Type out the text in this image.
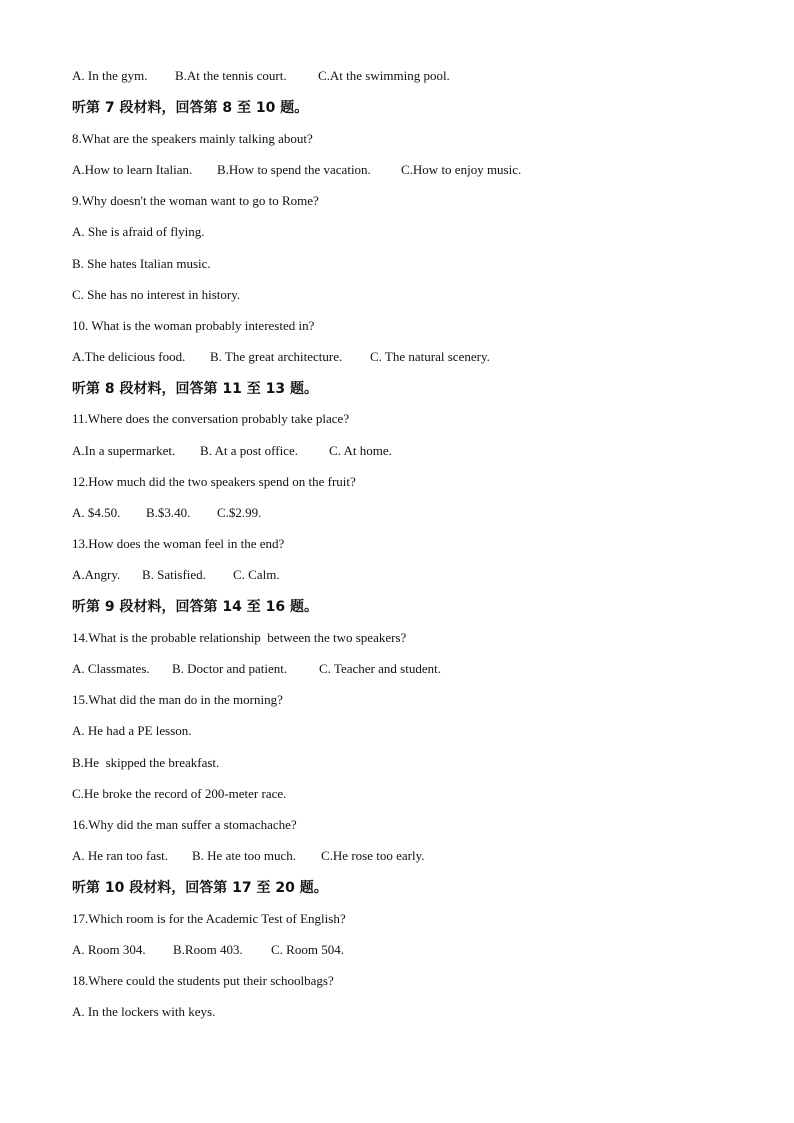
A. In the gym. B.At the tennis court. C.At the swimming pool.
听第 7 段材料，回答第 8 至 10 题。
8.What are the speakers mainly talking about?
A.How to learn Italian. B.How to spend the vacation. C.How to enjoy music.
9.Why doesn't the woman want to go to Rome?
A. She is afraid of flying.
B. She hates Italian music.
C. She has no interest in history.
10. What is the woman probably interested in?
A.The delicious food. B. The great architecture. C. The natural scenery.
听第 8 段材料，回答第 11 至 13 题。
11.Where does the conversation probably take place?
A.In a supermarket. B. At a post office. C. At home.
12.How much did the two speakers spend on the fruit?
A. $4.50. B.$3.40. C.$2.99.
13.How does the woman feel in the end?
A.Angry. B. Satisfied. C. Calm.
听第 9 段材料，回答第 14 至 16 题。
14.What is the probable relationship  between the two speakers?
A. Classmates. B. Doctor and patient. C. Teacher and student.
15.What did the man do in the morning?
A. He had a PE lesson.
B.He  skipped the breakfast.
C.He broke the record of 200-meter race.
16.Why did the man suffer a stomachache?
A. He ran too fast. B. He ate too much. C.He rose too early.
听第 10 段材料，回答第 17 至 20 题。
17.Which room is for the Academic Test of English?
A. Room 304. B.Room 403. C. Room 504.
18.Where could the students put their schoolbags?
A. In the lockers with keys.
